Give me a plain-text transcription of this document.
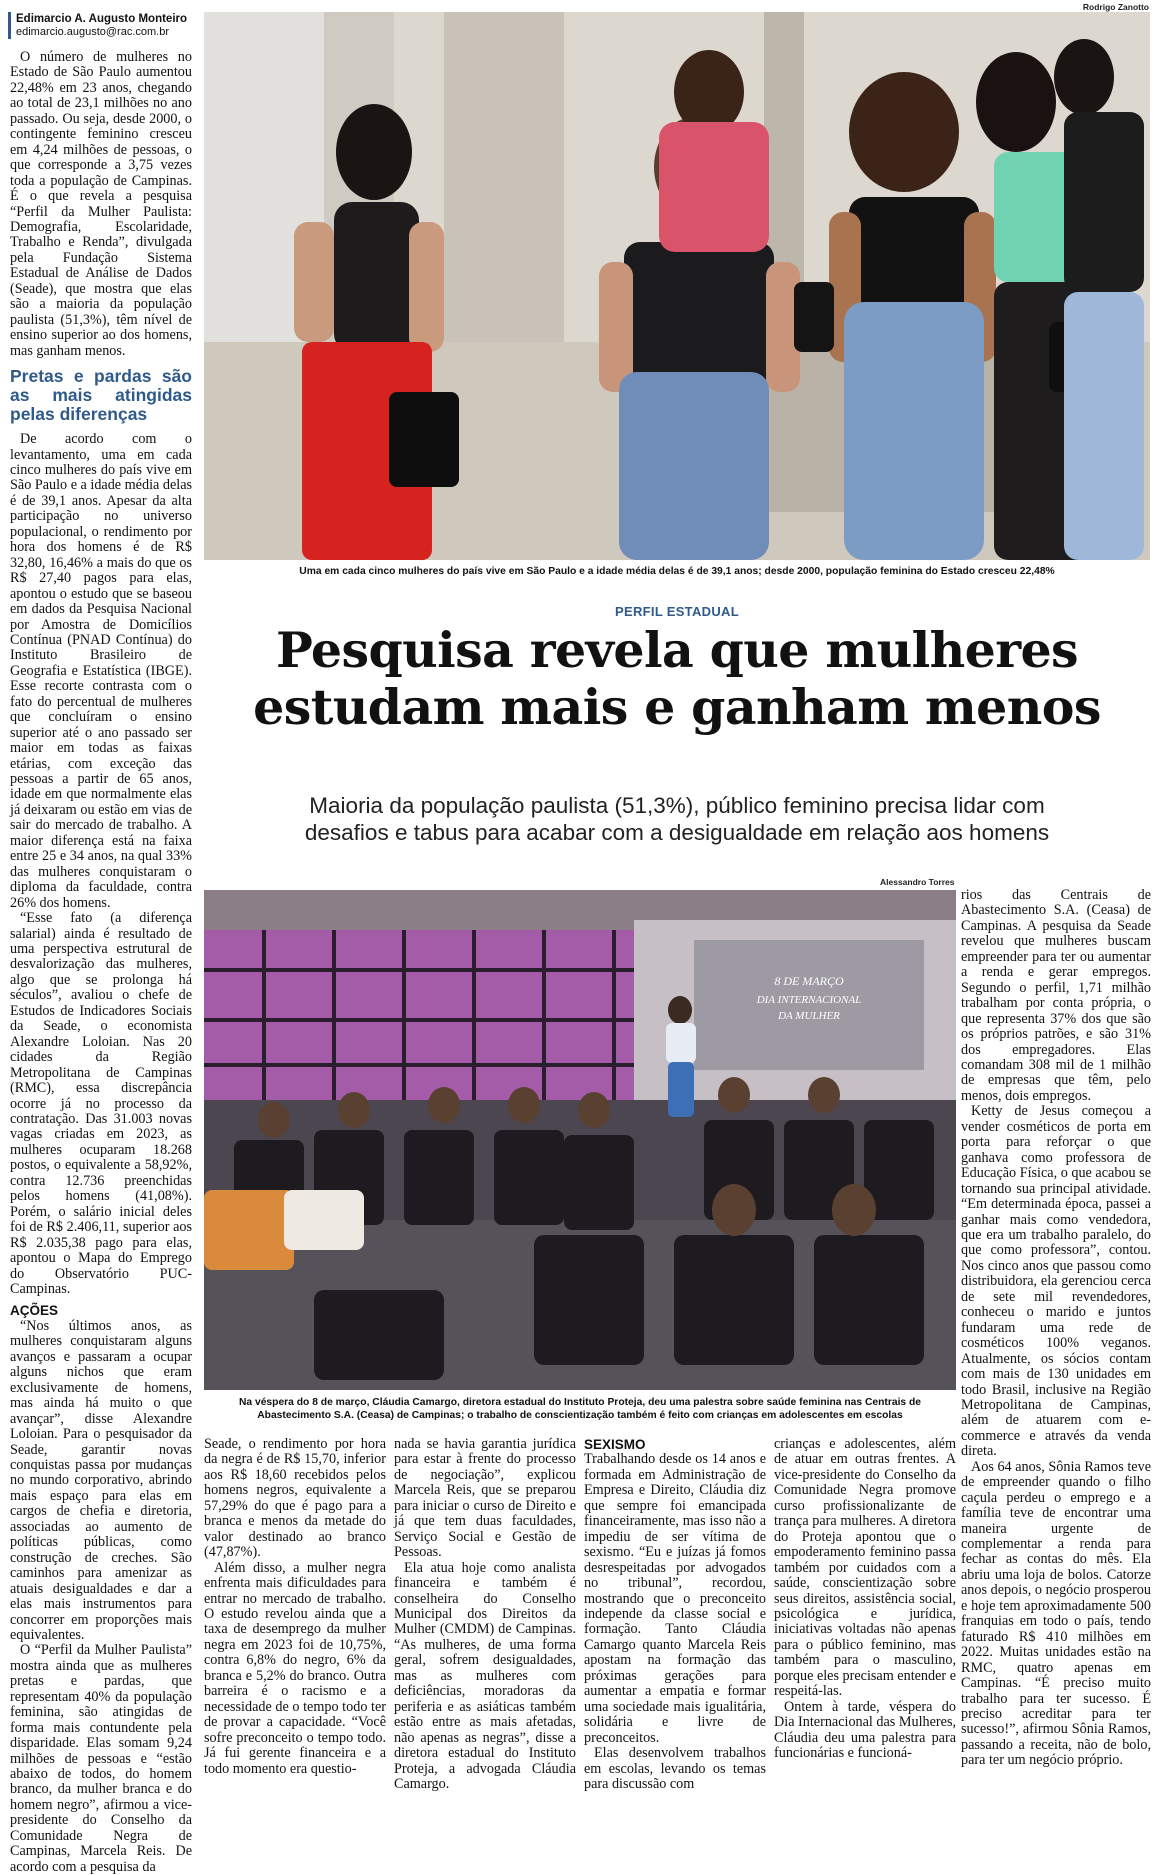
Edimarcio A. Augusto Monteiro
edimarcio.augusto@rac.com.br

O número de mulheres no Estado de São Paulo aumentou 22,48% em 23 anos, chegando ao total de 23,1 milhões no ano passado. Ou seja, desde 2000, o contingente feminino cresceu em 4,24 milhões de pessoas, o que corresponde a 3,75 vezes toda a população de Campinas. É o que revela a pesquisa “Perfil da Mulher Paulista: Demografia, Escolaridade, Trabalho e Renda”, divulgada pela Fundação Sistema Estadual de Análise de Dados (Seade), que mostra que elas são a maioria da população paulista (51,3%), têm nível de ensino superior ao dos homens, mas ganham menos.

Pretas e pardas são as mais atingidas pelas diferenças

De acordo com o levantamento, uma em cada cinco mulheres do país vive em São Paulo e a idade média delas é de 39,1 anos. Apesar da alta participação no universo populacional, o rendimento por hora dos homens é de R$ 32,80, 16,46% a mais do que os R$ 27,40 pagos para elas, apontou o estudo que se baseou em dados da Pesquisa Nacional por Amostra de Domicílios Contínua (PNAD Contínua) do Instituto Brasileiro de Geografia e Estatística (IBGE). Esse recorte contrasta com o fato do percentual de mulheres que concluíram o ensino superior até o ano passado ser maior em todas as faixas etárias, com exceção das pessoas a partir de 65 anos, idade em que normalmente elas já deixaram ou estão em vias de sair do mercado de trabalho. A maior diferença está na faixa entre 25 e 34 anos, na qual 33% das mulheres conquistaram o diploma da faculdade, contra 26% dos homens.

“Esse fato (a diferença salarial) ainda é resultado de uma perspectiva estrutural de desvalorização das mulheres, algo que se prolonga há séculos”, avaliou o chefe de Estudos de Indicadores Sociais da Seade, o economista Alexandre Loloian. Nas 20 cidades da Região Metropolitana de Campinas (RMC), essa discrepância ocorre já no processo da contratação. Das 31.003 novas vagas criadas em 2023, as mulheres ocuparam 18.268 postos, o equivalente a 58,92%, contra 12.736 preenchidas pelos homens (41,08%). Porém, o salário inicial deles foi de R$ 2.406,11, superior aos R$ 2.035,38 pago para elas, apontou o Mapa do Emprego do Observatório PUC-Campinas.

AÇÕES

“Nos últimos anos, as mulheres conquistaram alguns avanços e passaram a ocupar alguns nichos que eram exclusivamente de homens, mas ainda há muito o que avançar”, disse Alexandre Loloian. Para o pesquisador da Seade, garantir novas conquistas passa por mudanças no mundo corporativo, abrindo mais espaço para elas em cargos de chefia e diretoria, associadas ao aumento de políticas públicas, como construção de creches. São caminhos para amenizar as atuais desigualdades e dar a elas mais instrumentos para concorrer em proporções mais equivalentes.

O “Perfil da Mulher Paulista” mostra ainda que as mulheres pretas e pardas, que representam 40% da população feminina, são atingidas de forma mais contundente pela disparidade. Elas somam 9,24 milhões de pessoas e “estão abaixo de todos, do homem branco, da mulher branca e do homem negro”, afirmou a vice-presidente do Conselho da Comunidade Negra de Campinas, Marcela Reis. De acordo com a pesquisa da

Rodrigo Zanotto
Uma em cada cinco mulheres do país vive em São Paulo e a idade média delas é de 39,1 anos; desde 2000, população feminina do Estado cresceu 22,48%
PERFIL ESTADUAL
Pesquisa revela que mulheres
estudam mais e ganham menos
Maioria da população paulista (51,3%), público feminino precisa lidar com
desafios e tabus para acabar com a desigualdade em relação aos homens
Alessandro Torres
8 DE MARÇO
DIA INTERNACIONAL
DA MULHER
Na véspera do 8 de março, Cláudia Camargo, diretora estadual do Instituto Proteja, deu uma palestra sobre saúde feminina nas Centrais de
Abastecimento S.A. (Ceasa) de Campinas; o trabalho de conscientização também é feito com crianças em adolescentes em escolas

rios das Centrais de Abastecimento S.A. (Ceasa) de Campinas. A pesquisa da Seade revelou que mulheres buscam empreender para ter ou aumentar a renda e gerar empregos. Segundo o perfil, 1,71 milhão trabalham por conta própria, o que representa 37% dos que são os próprios patrões, e são 31% dos empregadores. Elas comandam 308 mil de 1 milhão de empresas que têm, pelo menos, dois empregos.

Ketty de Jesus começou a vender cosméticos de porta em porta para reforçar o que ganhava como professora de Educação Física, o que acabou se tornando sua principal atividade. “Em determinada época, passei a ganhar mais como vendedora, que era um trabalho paralelo, do que como professora”, contou. Nos cinco anos que passou como distribuidora, ela gerenciou cerca de sete mil revendedores, conheceu o marido e juntos fundaram uma rede de cosméticos 100% veganos. Atualmente, os sócios contam com mais de 130 unidades em todo Brasil, inclusive na Região Metropolitana de Campinas, além de atuarem com e-commerce e através da venda direta.

Aos 64 anos, Sônia Ramos teve de empreender quando o filho caçula perdeu o emprego e a família teve de encontrar uma maneira urgente de complementar a renda para fechar as contas do mês. Ela abriu uma loja de bolos. Catorze anos depois, o negócio prosperou e hoje tem aproximadamente 500 franquias em todo o país, tendo faturado R$ 410 milhões em 2022. Muitas unidades estão na RMC, quatro apenas em Campinas. “É preciso muito trabalho para ter sucesso. É preciso acreditar para ter sucesso!”, afirmou Sônia Ramos, passando a receita, não de bolo, para ter um negócio próprio.

Seade, o rendimento por hora da negra é de R$ 15,70, inferior aos R$ 18,60 recebidos pelos homens negros, equivalente a 57,29% do que é pago para a branca e menos da metade do valor destinado ao branco (47,87%).

Além disso, a mulher negra enfrenta mais dificuldades para entrar no mercado de trabalho. O estudo revelou ainda que a taxa de desemprego da mulher negra em 2023 foi de 10,75%, contra 6,8% do negro, 6% da branca e 5,2% do branco. Outra barreira é o racismo e a necessidade de o tempo todo ter de provar a capacidade. “Você sofre preconceito o tempo todo. Já fui gerente financeira e a todo momento era questio-

nada se havia garantia jurídica para estar à frente do processo de negociação”, explicou Marcela Reis, que se preparou para iniciar o curso de Direito e já que tem duas faculdades, Serviço Social e Gestão de Pessoas.

Ela atua hoje como analista financeira e também é conselheira do Conselho Municipal dos Direitos da Mulher (CMDM) de Campinas. “As mulheres, de uma forma geral, sofrem desigualdades, mas as mulheres com deficiências, moradoras da periferia e as asiáticas também estão entre as mais afetadas, não apenas as negras”, disse a diretora estadual do Instituto Proteja, a advogada Cláudia Camargo.

SEXISMO

Trabalhando desde os 14 anos e formada em Administração de Empresa e Direito, Cláudia diz que sempre foi emancipada financeiramente, mas isso não a impediu de ser vítima de sexismo. “Eu e juízas já fomos desrespeitadas por advogados no tribunal”, recordou, mostrando que o preconceito independe da classe social e formação. Tanto Cláudia Camargo quanto Marcela Reis apostam na formação das próximas gerações para aumentar a empatia e formar uma sociedade mais igualitária, solidária e livre de preconceitos.

Elas desenvolvem trabalhos em escolas, levando os temas para discussão com

crianças e adolescentes, além de atuar em outras frentes. A vice-presidente do Conselho da Comunidade Negra promove curso profissionalizante de trança para mulheres. A diretora do Proteja apontou que o empoderamento feminino passa também por cuidados com a saúde, conscientização sobre seus direitos, assistência social, psicológica e jurídica, iniciativas voltadas não apenas para o público feminino, mas também para o masculino, porque eles precisam entender e respeitá-las.

Ontem à tarde, véspera do Dia Internacional das Mulheres, Cláudia deu uma palestra para funcionárias e funcioná-
